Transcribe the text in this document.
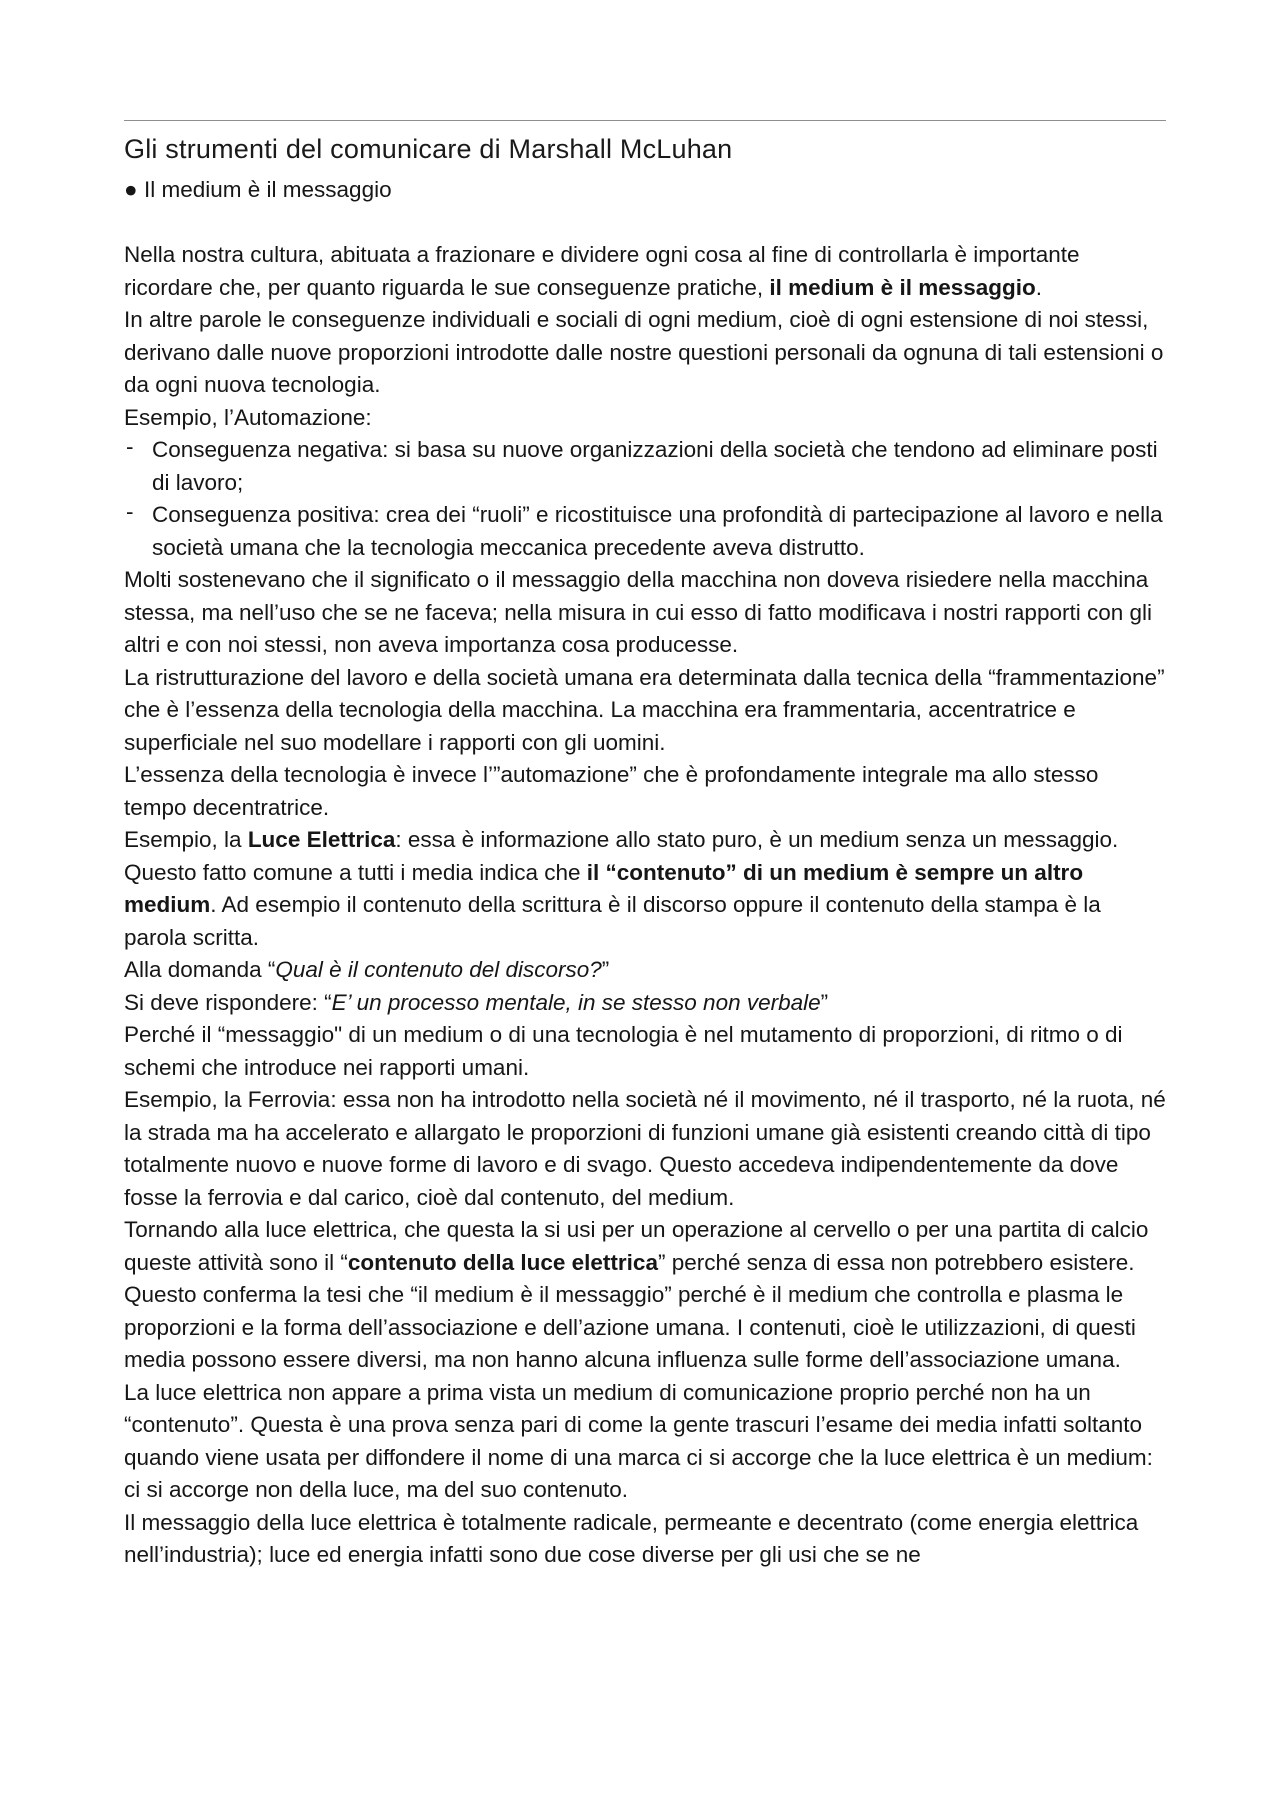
Gli strumenti del comunicare di Marshall McLuhan
● Il medium è il messaggio

Nella nostra cultura, abituata a frazionare e dividere ogni cosa al fine di controllarla è importante ricordare che, per quanto riguarda le sue conseguenze pratiche, il medium è il messaggio.

In altre parole le conseguenze individuali e sociali di ogni medium, cioè di ogni estensione di noi stessi, derivano dalle nuove proporzioni introdotte dalle nostre questioni personali da ognuna di tali estensioni o da ogni nuova tecnologia.

Esempio, l’Automazione:

- Conseguenza negativa: si basa su nuove organizzazioni della società che tendono ad eliminare posti di lavoro;
- Conseguenza positiva: crea dei “ruoli” e ricostituisce una profondità di partecipazione al lavoro e nella società umana che la tecnologia meccanica precedente aveva distrutto.

Molti sostenevano che il significato o il messaggio della macchina non doveva risiedere nella macchina stessa, ma nell’uso che se ne faceva; nella misura in cui esso di fatto modificava i nostri rapporti con gli altri e con noi stessi, non aveva importanza cosa producesse.

La ristrutturazione del lavoro e della società umana era determinata dalla tecnica della “frammentazione” che è l’essenza della tecnologia della macchina. La macchina era frammentaria, accentratrice e superficiale nel suo modellare i rapporti con gli uomini.

L’essenza della tecnologia è invece l’”automazione” che è profondamente integrale ma allo stesso tempo decentratrice.

Esempio, la Luce Elettrica: essa è informazione allo stato puro, è un medium senza un messaggio. Questo fatto comune a tutti i media indica che il “contenuto” di un medium è sempre un altro medium. Ad esempio il contenuto della scrittura è il discorso oppure il contenuto della stampa è la parola scritta.

Alla domanda “Qual è il contenuto del discorso?”

Si deve rispondere: “E’ un processo mentale, in se stesso non verbale”

Perché il “messaggio" di un medium o di una tecnologia è nel mutamento di proporzioni, di ritmo o di schemi che introduce nei rapporti umani.

Esempio, la Ferrovia: essa non ha introdotto nella società né il movimento, né il trasporto, né la ruota, né la strada ma ha accelerato e allargato le proporzioni di funzioni umane già esistenti creando città di tipo totalmente nuovo e nuove forme di lavoro e di svago. Questo accedeva indipendentemente da dove fosse la ferrovia e dal carico, cioè dal contenuto, del medium.

Tornando alla luce elettrica, che questa la si usi per un operazione al cervello o per una partita di calcio queste attività sono il “contenuto della luce elettrica” perché senza di essa non potrebbero esistere. Questo conferma la tesi che “il medium è il messaggio” perché è il medium che controlla e plasma le proporzioni e la forma dell’associazione e dell’azione umana. I contenuti, cioè le utilizzazioni, di questi media possono essere diversi, ma non hanno alcuna influenza sulle forme dell’associazione umana.

La luce elettrica non appare a prima vista un medium di comunicazione proprio perché non ha un “contenuto”. Questa è una prova senza pari di come la gente trascuri l’esame dei media infatti soltanto quando viene usata per diffondere il nome di una marca ci si accorge che la luce elettrica è un medium: ci si accorge non della luce, ma del suo contenuto.

Il messaggio della luce elettrica è totalmente radicale, permeante e decentrato (come energia elettrica nell’industria); luce ed energia infatti sono due cose diverse per gli usi che se ne
